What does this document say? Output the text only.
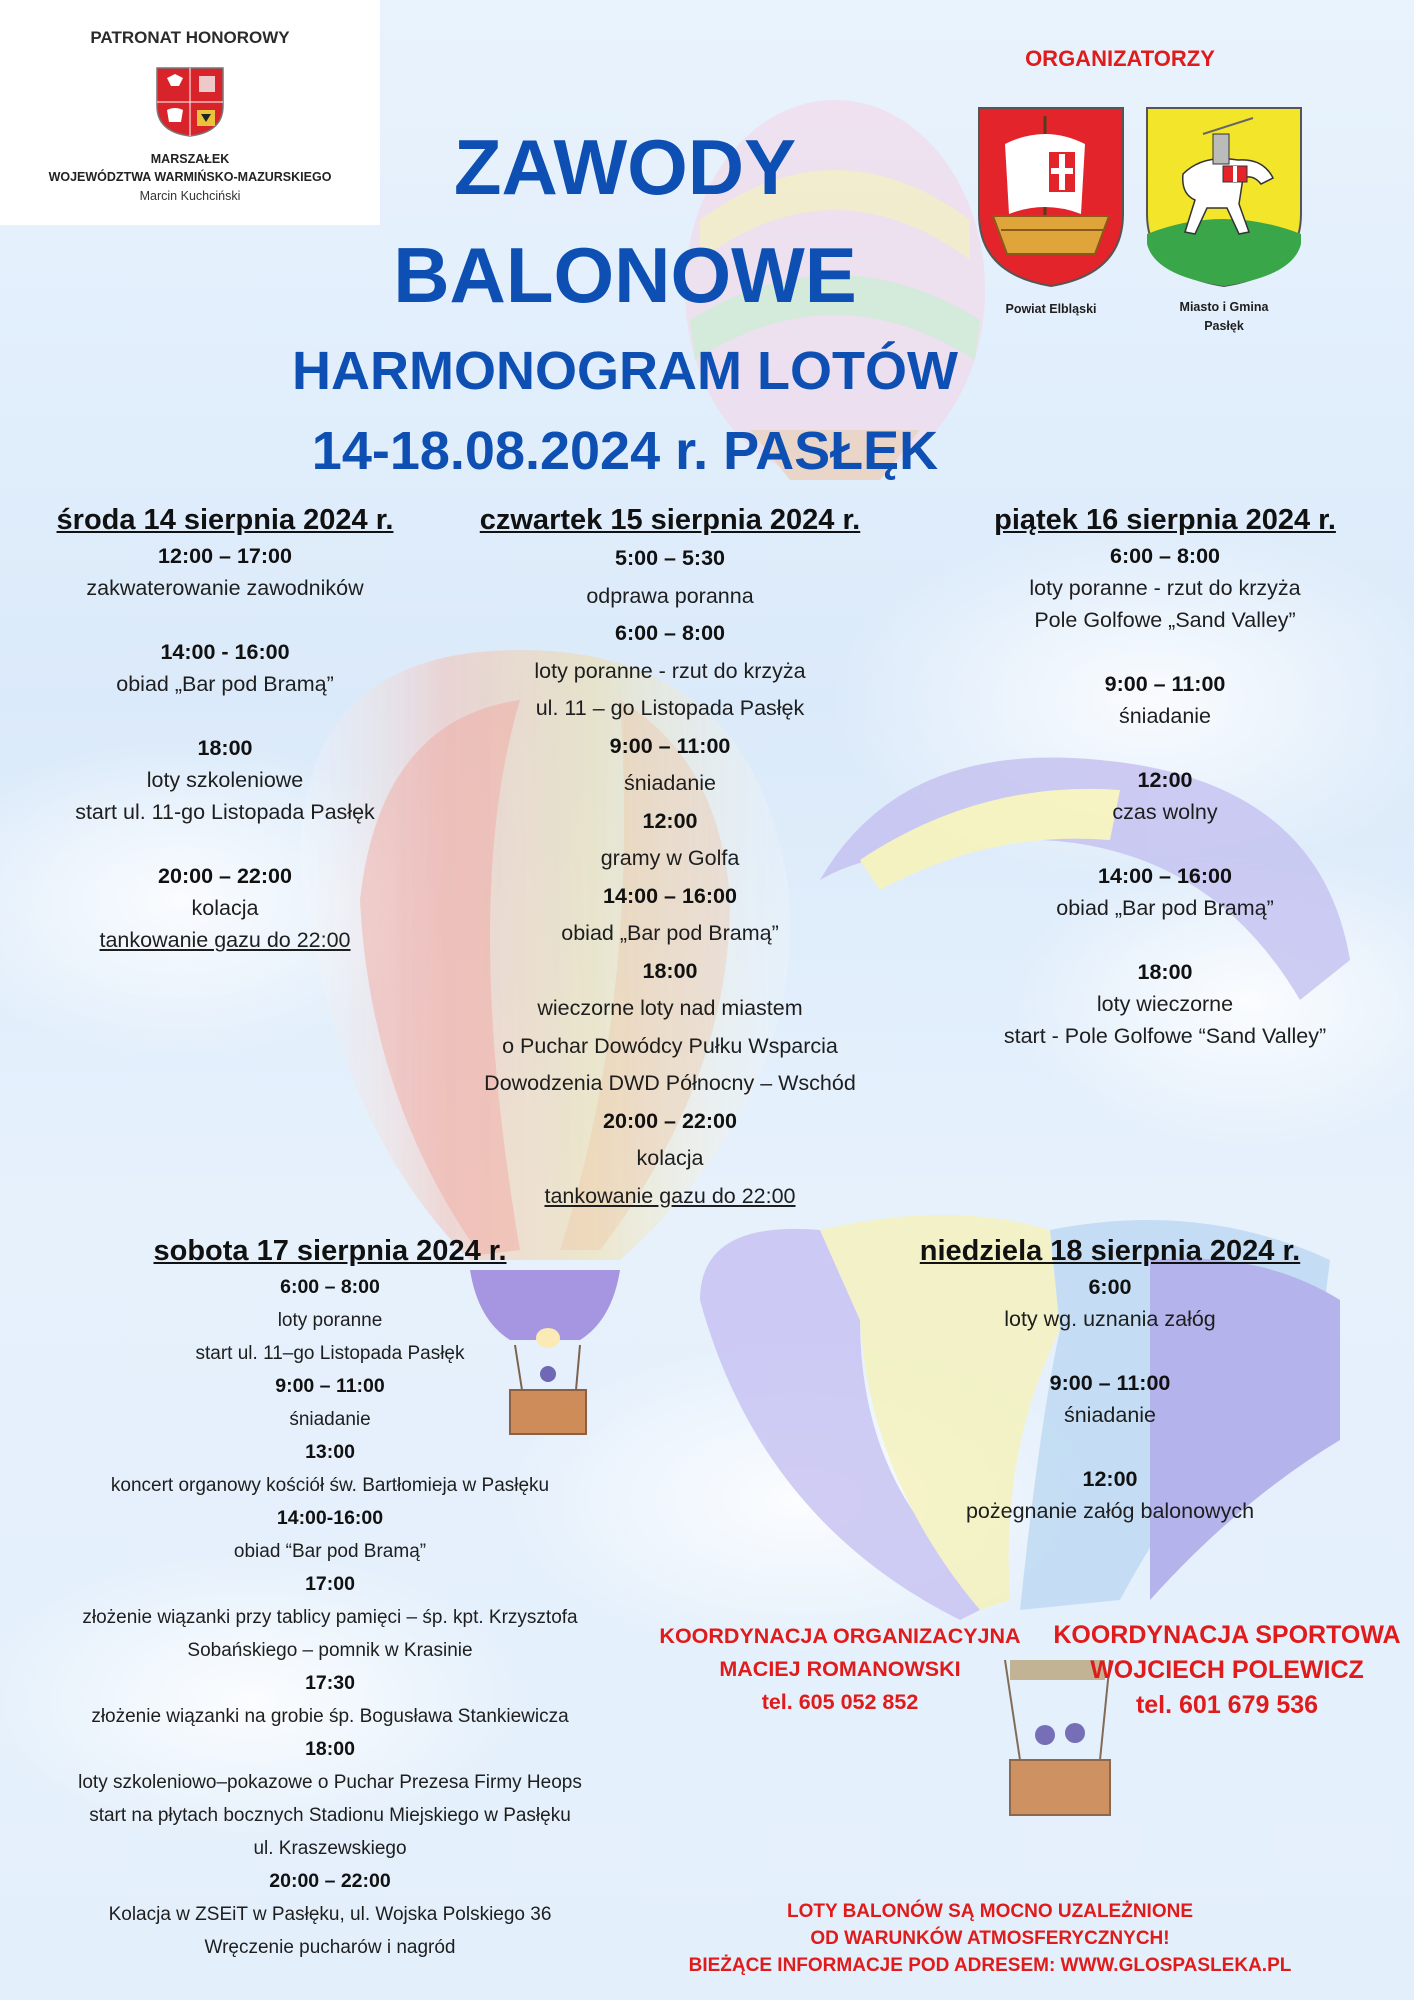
PATRONAT HONOROWY
MARSZAŁEK
WOJEWÓDZTWA WARMIŃSKO-MAZURSKIEGO
Marcin Kuchciński
ORGANIZATORZY
Powiat Elbląski	Miasto i Gmina
Pasłęk
ZAWODY
BALONOWE
HARMONOGRAM LOTÓW
14-18.08.2024 r. PASŁĘK
środa 14 sierpnia 2024 r.
12:00 – 17:00
zakwaterowanie zawodników
14:00 - 16:00
obiad „Bar pod Bramą”
18:00
loty szkoleniowe
start ul. 11-go Listopada Pasłęk
20:00 – 22:00
kolacja
tankowanie gazu do 22:00
czwartek 15 sierpnia 2024 r.
5:00 – 5:30
odprawa poranna
6:00 – 8:00
loty poranne - rzut do krzyża
ul. 11 – go Listopada Pasłęk
9:00 – 11:00
śniadanie
12:00
gramy w Golfa
14:00 – 16:00
obiad „Bar pod Bramą”
18:00
wieczorne loty nad miastem
o Puchar Dowódcy Pułku Wsparcia
Dowodzenia DWD Północny – Wschód
20:00 – 22:00
kolacja
tankowanie gazu do 22:00
piątek 16 sierpnia 2024 r.
6:00 – 8:00
loty poranne - rzut do krzyża
Pole Golfowe „Sand Valley”
9:00 – 11:00
śniadanie
12:00
czas wolny
14:00 – 16:00
obiad „Bar pod Bramą”
18:00
loty wieczorne
start - Pole Golfowe “Sand Valley”
sobota 17 sierpnia 2024 r.
6:00 – 8:00
loty poranne
start ul. 11–go Listopada Pasłęk
9:00 – 11:00
śniadanie
13:00
koncert organowy kościół św. Bartłomieja w Pasłęku
14:00-16:00
obiad “Bar pod Bramą”
17:00
złożenie wiązanki przy tablicy pamięci – śp. kpt. Krzysztofa
Sobańskiego – pomnik w Krasinie
17:30
złożenie wiązanki na grobie śp. Bogusława Stankiewicza
18:00
loty szkoleniowo–pokazowe o Puchar Prezesa Firmy Heops
start na płytach bocznych Stadionu Miejskiego w Pasłęku
ul. Kraszewskiego
20:00 – 22:00
Kolacja w ZSEiT w Pasłęku, ul. Wojska Polskiego 36
Wręczenie pucharów i nagród
niedziela 18 sierpnia 2024 r.
6:00
loty wg. uznania załóg
9:00 – 11:00
śniadanie
12:00
pożegnanie załóg balonowych
KOORDYNACJA ORGANIZACYJNA
MACIEJ ROMANOWSKI
tel. 605 052 852
KOORDYNACJA SPORTOWA
WOJCIECH POLEWICZ
tel. 601 679 536
LOTY BALONÓW SĄ MOCNO UZALEŻNIONE
OD WARUNKÓW ATMOSFERYCZNYCH!
BIEŻĄCE INFORMACJE POD ADRESEM: WWW.GLOSPASLEKA.PL
